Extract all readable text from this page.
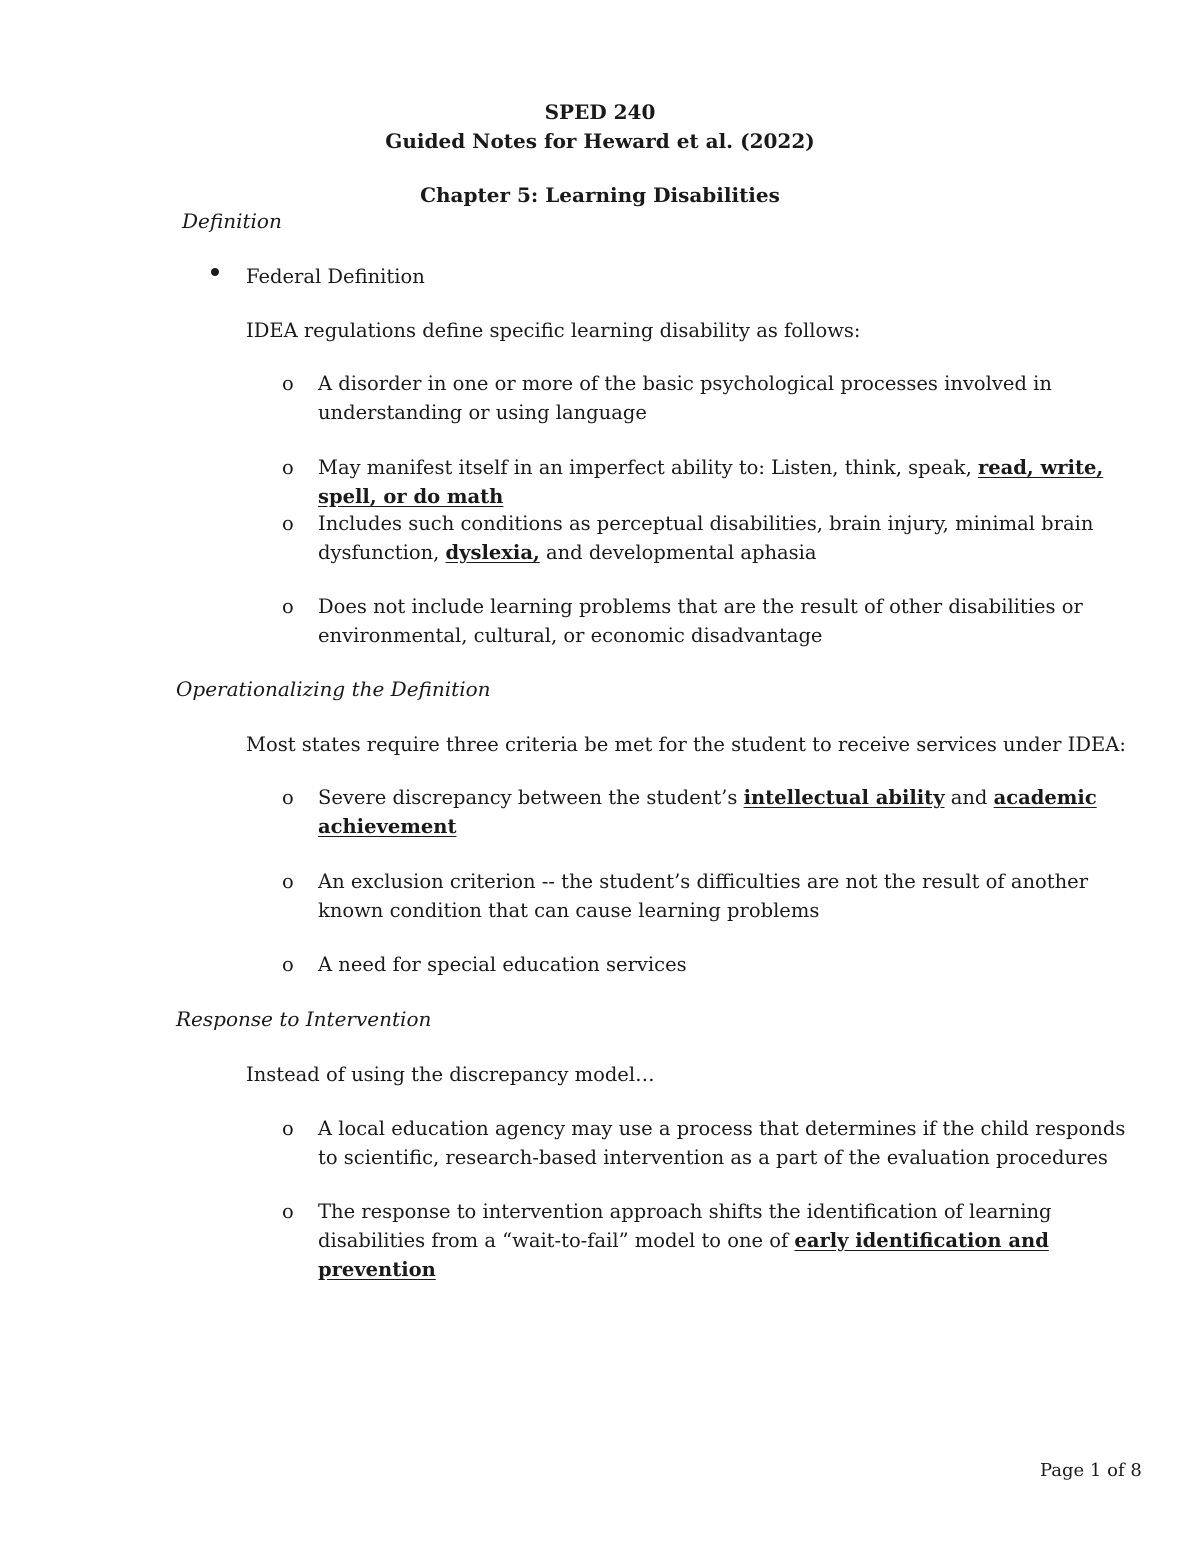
SPED 240
Guided Notes for Heward et al. (2022)
Chapter 5: Learning Disabilities
Definition
Federal Definition
IDEA regulations define specific learning disability as follows:
o A disorder in one or more of the basic psychological processes involved in understanding or using language
o May manifest itself in an imperfect ability to: Listen, think, speak, read, write, spell, or do math
o Includes such conditions as perceptual disabilities, brain injury, minimal brain dysfunction, dyslexia, and developmental aphasia
o Does not include learning problems that are the result of other disabilities or environmental, cultural, or economic disadvantage
Operationalizing the Definition
Most states require three criteria be met for the student to receive services under IDEA:
o Severe discrepancy between the student’s intellectual ability and academic achievement
o An exclusion criterion -- the student’s difficulties are not the result of another known condition that can cause learning problems
o A need for special education services
Response to Intervention
Instead of using the discrepancy model…
o A local education agency may use a process that determines if the child responds to scientific, research-based intervention as a part of the evaluation procedures
o The response to intervention approach shifts the identification of learning disabilities from a “wait-to-fail” model to one of early identification and prevention
Page 1 of 8
